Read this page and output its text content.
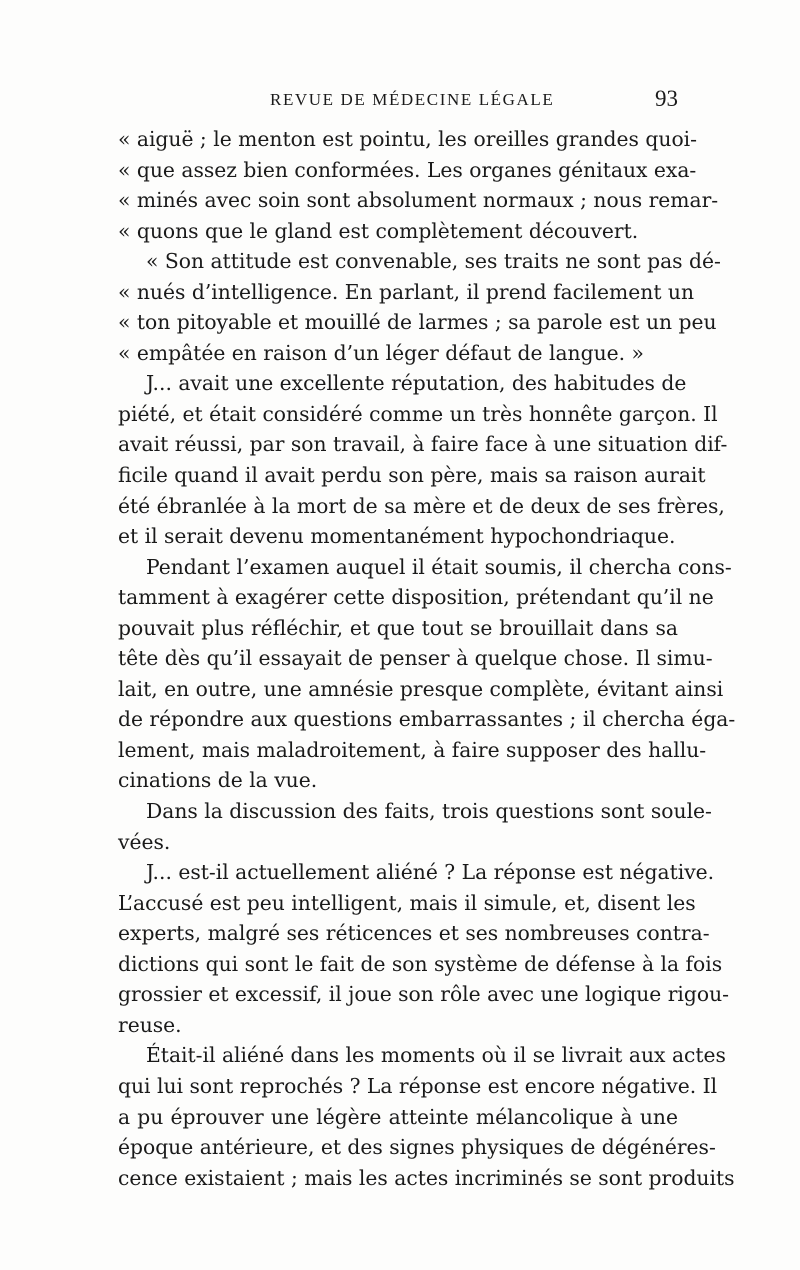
REVUE DE MÉDECINE LÉGALE	93
« aiguë ; le menton est pointu, les oreilles grandes quoi-
« que assez bien conformées. Les organes génitaux exa-
« minés avec soin sont absolument normaux ; nous remar-
« quons que le gland est complètement découvert.
« Son attitude est convenable, ses traits ne sont pas dé-
« nués d’intelligence. En parlant, il prend facilement un
« ton pitoyable et mouillé de larmes ; sa parole est un peu
« empâtée en raison d’un léger défaut de langue. »
J... avait une excellente réputation, des habitudes de
piété, et était considéré comme un très honnête garçon. Il
avait réussi, par son travail, à faire face à une situation dif-
ficile quand il avait perdu son père, mais sa raison aurait
été ébranlée à la mort de sa mère et de deux de ses frères,
et il serait devenu momentanément hypochondriaque.
Pendant l’examen auquel il était soumis, il chercha cons-
tamment à exagérer cette disposition, prétendant qu’il ne
pouvait plus réfléchir, et que tout se brouillait dans sa
tête dès qu’il essayait de penser à quelque chose. Il simu-
lait, en outre, une amnésie presque complète, évitant ainsi
de répondre aux questions embarrassantes ; il chercha éga-
lement, mais maladroitement, à faire supposer des hallu-
cinations de la vue.
Dans la discussion des faits, trois questions sont soule-
vées.
J... est-il actuellement aliéné ? La réponse est négative.
L’accusé est peu intelligent, mais il simule, et, disent les
experts, malgré ses réticences et ses nombreuses contra-
dictions qui sont le fait de son système de défense à la fois
grossier et excessif, il joue son rôle avec une logique rigou-
reuse.
Était-il aliéné dans les moments où il se livrait aux actes
qui lui sont reprochés ? La réponse est encore négative. Il
a pu éprouver une légère atteinte mélancolique à une
époque antérieure, et des signes physiques de dégénéres-
cence existaient ; mais les actes incriminés se sont produits
